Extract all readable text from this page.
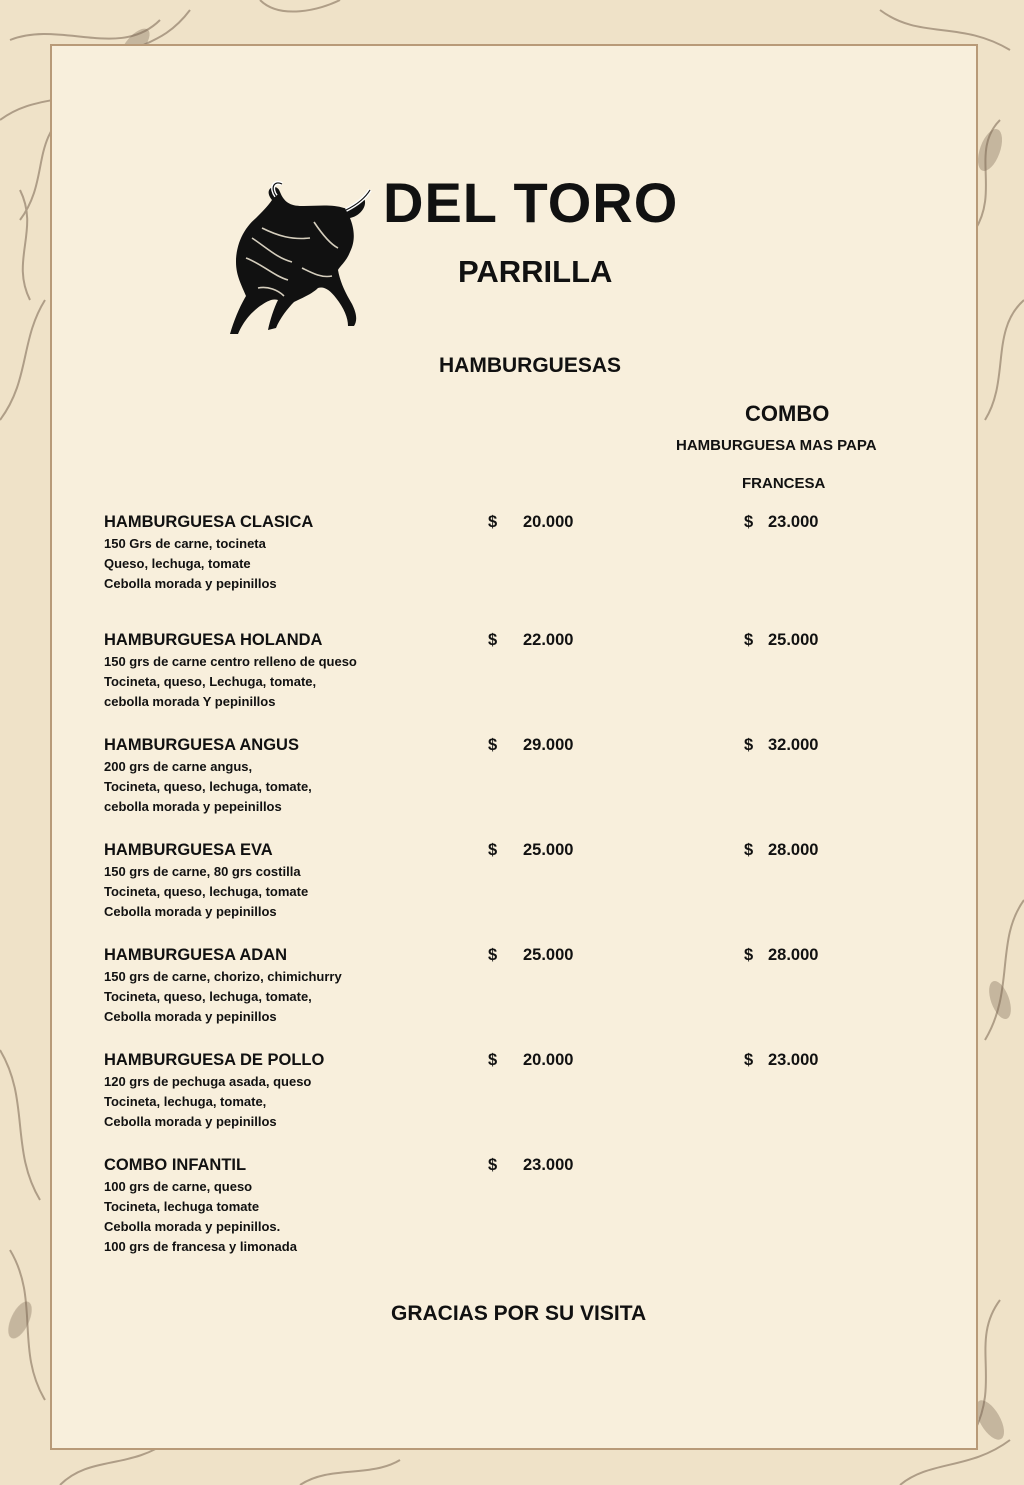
DEL TORO
PARRILLA
HAMBURGUESAS
COMBO
HAMBURGUESA MAS PAPA
FRANCESA
HAMBURGUESA CLASICA
150 Grs de carne, tocineta
Queso, lechuga, tomate
Cebolla morada y pepinillos
$ 20.000	$ 23.000
HAMBURGUESA HOLANDA
150 grs de carne centro relleno de queso
Tocineta, queso, Lechuga, tomate,
cebolla morada Y pepinillos
$ 22.000	$ 25.000
HAMBURGUESA ANGUS
200 grs de carne angus,
Tocineta, queso, lechuga, tomate,
cebolla morada y pepeinillos
$ 29.000	$ 32.000
HAMBURGUESA EVA
150 grs de carne, 80 grs costilla
Tocineta, queso, lechuga, tomate
Cebolla morada y pepinillos
$ 25.000	$ 28.000
HAMBURGUESA ADAN
150 grs de carne, chorizo, chimichurry
Tocineta, queso, lechuga, tomate,
Cebolla morada y pepinillos
$ 25.000	$ 28.000
HAMBURGUESA DE POLLO
120 grs de pechuga asada, queso
Tocineta, lechuga, tomate,
Cebolla morada y pepinillos
$ 20.000	$ 23.000
COMBO INFANTIL
100 grs de carne, queso
Tocineta, lechuga tomate
Cebolla morada y pepinillos.
100 grs de francesa y limonada
$ 23.000
GRACIAS POR SU VISITA
